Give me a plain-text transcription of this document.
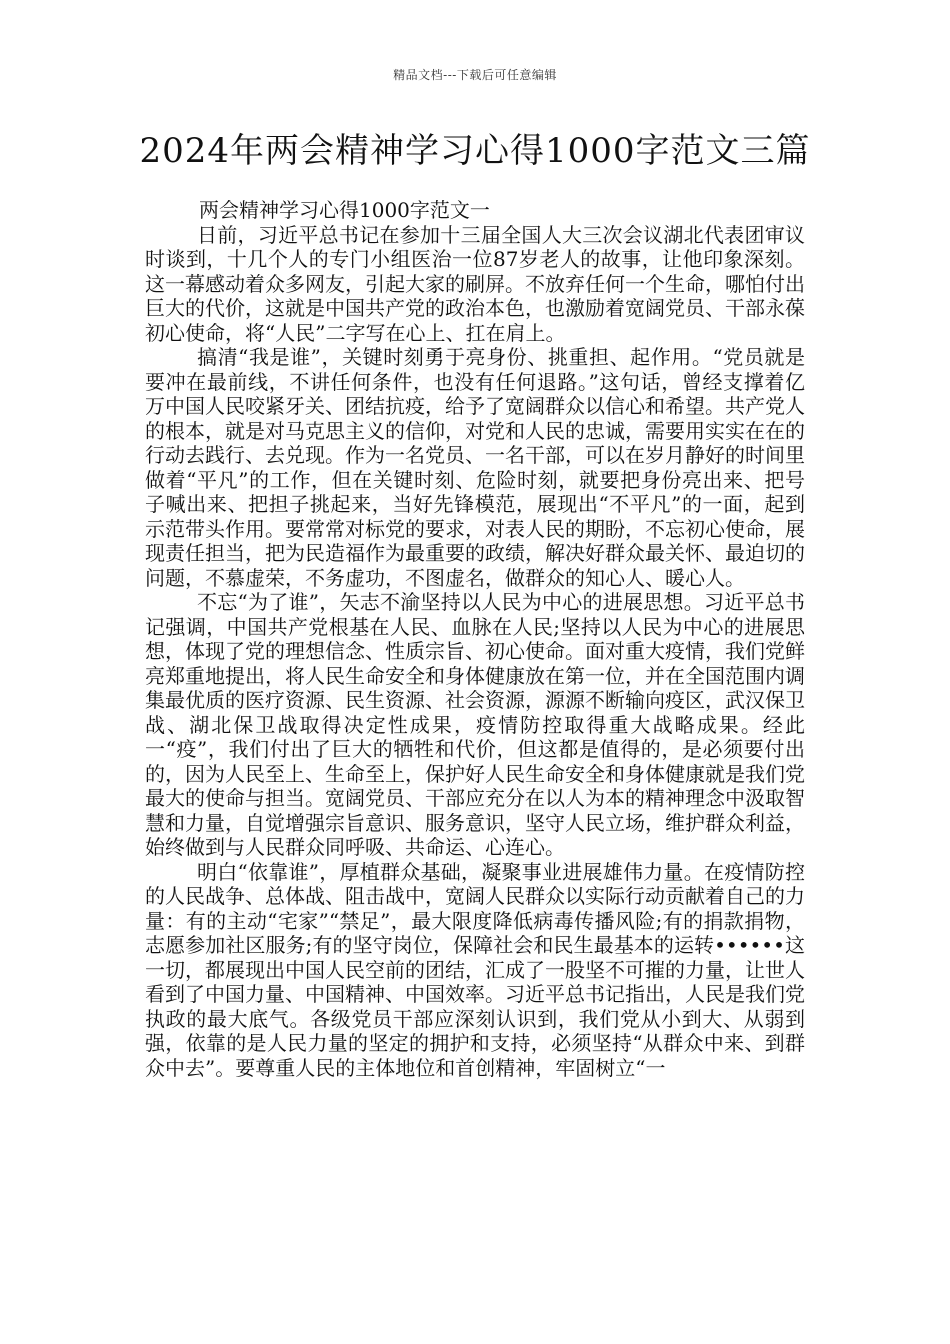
精品文档---下载后可任意编辑
2024年两会精神学习心得1000字范文三篇

两会精神学习心得1000字范文一

日前，习近平总书记在参加十三届全国人大三次会议湖北代表团审议时谈到，十几个人的专门小组医治一位87岁老人的故事，让他印象深刻。这一幕感动着众多网友，引起大家的刷屏。不放弃任何一个生命，哪怕付出巨大的代价，这就是中国共产党的政治本色，也激励着宽阔党员、干部永葆初心使命，将“人民”二字写在心上、扛在肩上。

搞清“我是谁”，关键时刻勇于亮身份、挑重担、起作用。“党员就是要冲在最前线，不讲任何条件，也没有任何退路。”这句话，曾经支撑着亿万中国人民咬紧牙关、团结抗疫，给予了宽阔群众以信心和希望。共产党人的根本，就是对马克思主义的信仰，对党和人民的忠诚，需要用实实在在的行动去践行、去兑现。作为一名党员、一名干部，可以在岁月静好的时间里做着“平凡”的工作，但在关键时刻、危险时刻，就要把身份亮出来、把号子喊出来、把担子挑起来，当好先锋模范，展现出“不平凡”的一面，起到示范带头作用。要常常对标党的要求，对表人民的期盼，不忘初心使命，展现责任担当，把为民造福作为最重要的政绩，解决好群众最关怀、最迫切的问题，不慕虚荣，不务虚功，不图虚名，做群众的知心人、暖心人。

不忘“为了谁”，矢志不渝坚持以人民为中心的进展思想。习近平总书记强调，中国共产党根基在人民、血脉在人民;坚持以人民为中心的进展思想，体现了党的理想信念、性质宗旨、初心使命。面对重大疫情，我们党鲜亮郑重地提出，将人民生命安全和身体健康放在第一位，并在全国范围内调集最优质的医疗资源、民生资源、社会资源，源源不断输向疫区，武汉保卫战、湖北保卫战取得决定性成果，疫情防控取得重大战略成果。经此一“疫”，我们付出了巨大的牺牲和代价，但这都是值得的，是必须要付出的，因为人民至上、生命至上，保护好人民生命安全和身体健康就是我们党最大的使命与担当。宽阔党员、干部应充分在以人为本的精神理念中汲取智慧和力量，自觉增强宗旨意识、服务意识，坚守人民立场，维护群众利益，始终做到与人民群众同呼吸、共命运、心连心。

明白“依靠谁”，厚植群众基础，凝聚事业进展雄伟力量。在疫情防控的人民战争、总体战、阻击战中，宽阔人民群众以实际行动贡献着自己的力量：有的主动“宅家”“禁足”，最大限度降低病毒传播风险;有的捐款捐物，志愿参加社区服务;有的坚守岗位，保障社会和民生最基本的运转••••••这一切，都展现出中国人民空前的团结，汇成了一股坚不可摧的力量，让世人看到了中国力量、中国精神、中国效率。习近平总书记指出，人民是我们党执政的最大底气。各级党员干部应深刻认识到，我们党从小到大、从弱到强，依靠的是人民力量的坚定的拥护和支持，必须坚持“从群众中来、到群众中去”。要尊重人民的主体地位和首创精神，牢固树立“一
